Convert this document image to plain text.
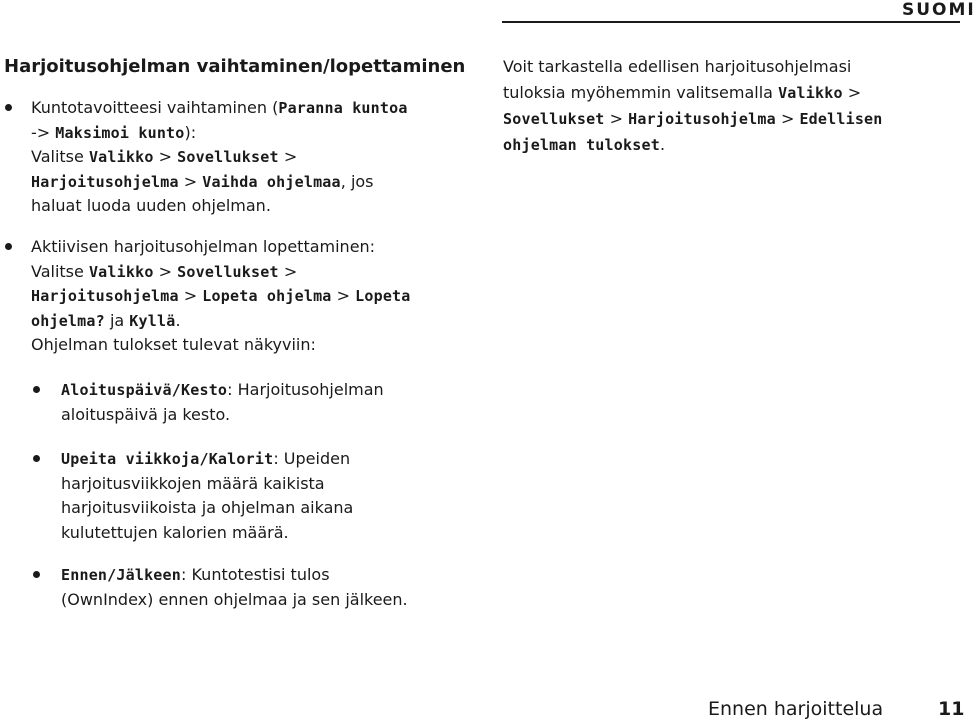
SUOMI
Harjoitusohjelman vaihtaminen/lopettaminen

Kuntotavoitteesi vaihtaminen (Paranna kuntoa

-> Maksimoi kunto):

Valitse Valikko > Sovellukset >

Harjoitusohjelma > Vaihda ohjelmaa, jos

haluat luoda uuden ohjelman.

Aktiivisen harjoitusohjelman lopettaminen:

Valitse Valikko > Sovellukset >

Harjoitusohjelma > Lopeta ohjelma > Lopeta

ohjelma? ja Kyllä.

Ohjelman tulokset tulevat näkyviin:

Aloituspäivä/Kesto: Harjoitusohjelman

aloituspäivä ja kesto.

Upeita viikkoja/Kalorit: Upeiden

harjoitusviikkojen määrä kaikista

harjoitusviikoista ja ohjelman aikana

kulutettujen kalorien määrä.

Ennen/Jälkeen: Kuntotestisi tulos

(OwnIndex) ennen ohjelmaa ja sen jälkeen.

Voit tarkastella edellisen harjoitusohjelmasi
tuloksia myöhemmin valitsemalla Valikko >
Sovellukset > Harjoitusohjelma > Edellisen
ohjelman tulokset.
Ennen harjoittelua	11
